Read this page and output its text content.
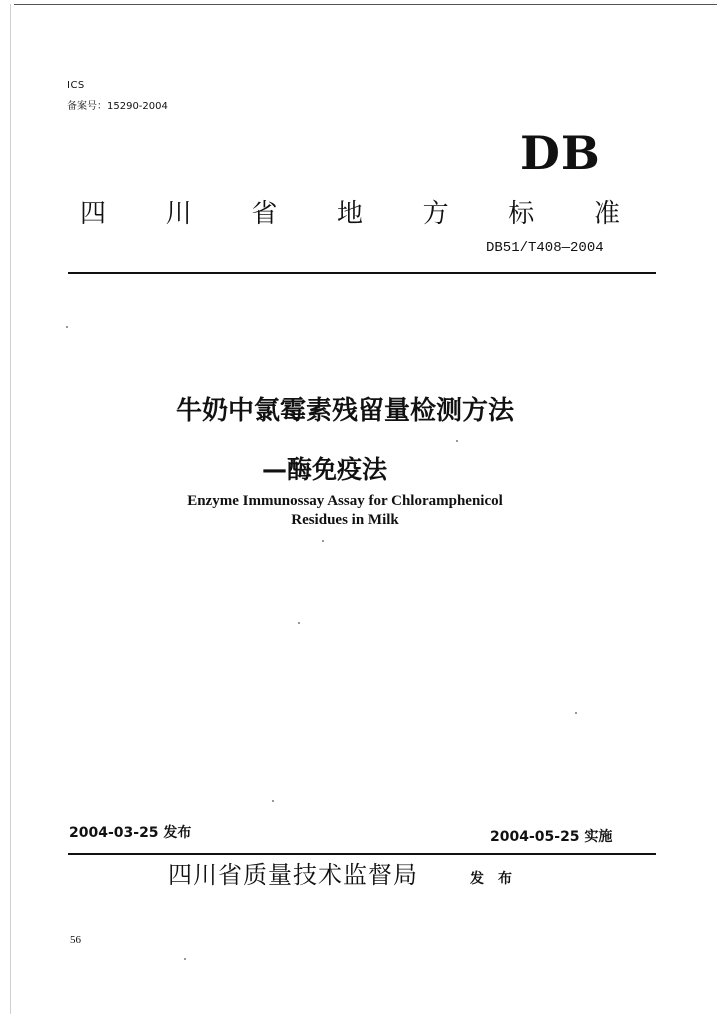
ICS
备案号：15290-2004
DB
四 川 省 地 方 标 准
DB51/T408—2004
牛奶中氯霉素残留量检测方法
—酶免疫法
Enzyme Immunossay Assay for Chloramphenicol
Residues in Milk
2004-03-25 发布	2004-05-25 实施
四川省质量技术监督局	发布
56
